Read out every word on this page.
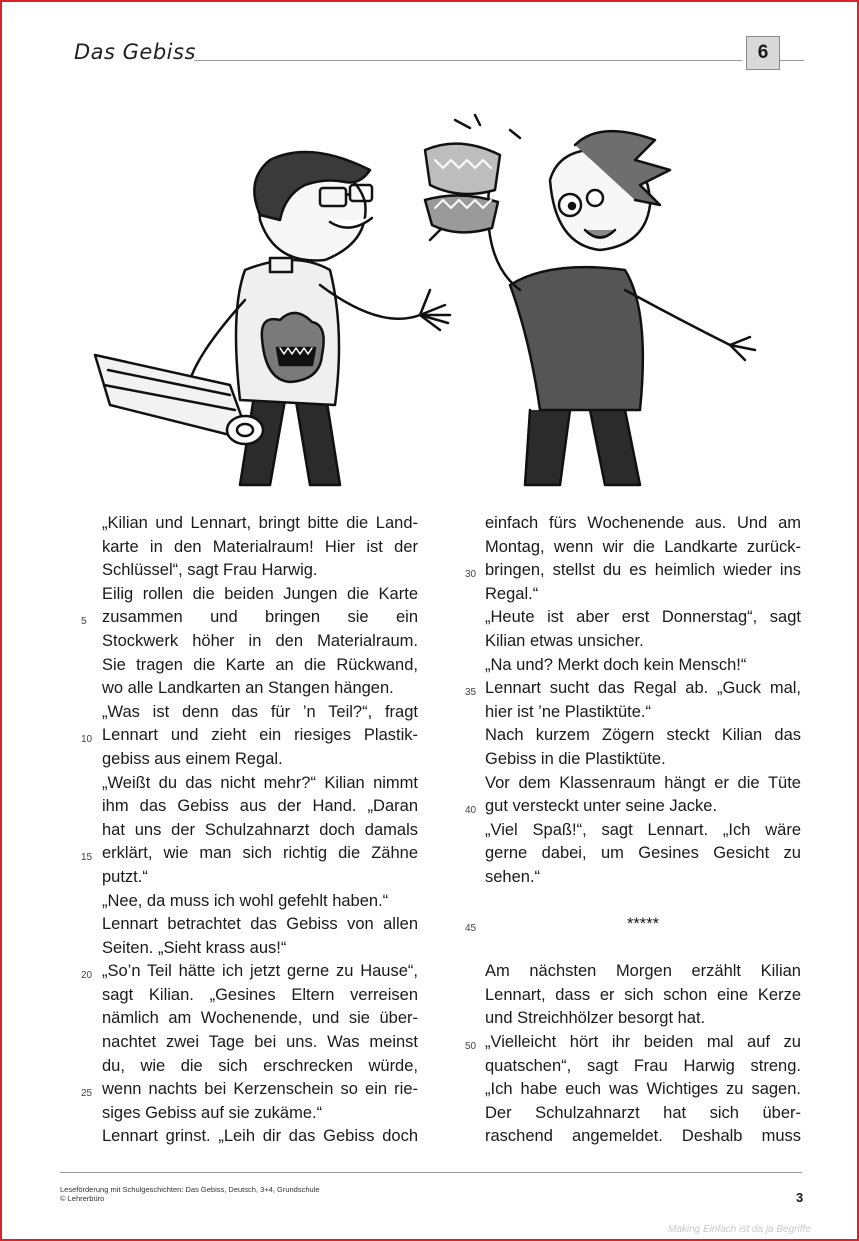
Das Gebiss	6
„Kilian und Lennart, bringt bitte die Land-
karte in den Materialraum! Hier ist der
Schlüssel“, sagt Frau Harwig.
Eilig rollen die beiden Jungen die Karte
5 zusammen und bringen sie ein
Stockwerk höher in den Materialraum.
Sie tragen die Karte an die Rückwand,
wo alle Landkarten an Stangen hängen.
„Was ist denn das für ’n Teil?“, fragt
10 Lennart und zieht ein riesiges Plastik-
gebiss aus einem Regal.
„Weißt du das nicht mehr?“ Kilian nimmt
ihm das Gebiss aus der Hand. „Daran
hat uns der Schulzahnarzt doch damals
15 erklärt, wie man sich richtig die Zähne
putzt.“
„Nee, da muss ich wohl gefehlt haben.“
Lennart betrachtet das Gebiss von allen
Seiten. „Sieht krass aus!“
20 „So’n Teil hätte ich jetzt gerne zu Hause“,
sagt Kilian. „Gesines Eltern verreisen
nämlich am Wochenende, und sie über-
nachtet zwei Tage bei uns. Was meinst
du, wie die sich erschrecken würde,
25 wenn nachts bei Kerzenschein so ein rie-
siges Gebiss auf sie zukäme.“
Lennart grinst. „Leih dir das Gebiss doch
einfach fürs Wochenende aus. Und am
Montag, wenn wir die Landkarte zurück-
30 bringen, stellst du es heimlich wieder ins
Regal.“
„Heute ist aber erst Donnerstag“, sagt
Kilian etwas unsicher.
„Na und? Merkt doch kein Mensch!“
35 Lennart sucht das Regal ab. „Guck mal,
hier ist ’ne Plastiktüte.“
Nach kurzem Zögern steckt Kilian das
Gebiss in die Plastiktüte.
Vor dem Klassenraum hängt er die Tüte
40 gut versteckt unter seine Jacke.
„Viel Spaß!“, sagt Lennart. „Ich wäre
gerne dabei, um Gesines Gesicht zu
sehen.“
45	*****
Am nächsten Morgen erzählt Kilian
Lennart, dass er sich schon eine Kerze
und Streichhölzer besorgt hat.
50 „Vielleicht hört ihr beiden mal auf zu
quatschen“, sagt Frau Harwig streng.
„Ich habe euch was Wichtiges zu sagen.
Der Schulzahnarzt hat sich über-
raschend angemeldet. Deshalb muss
Leseförderung mit Schulgeschichten: Das Gebiss, Deutsch, 3+4, Grundschule
© Lehrerbüro	3
Making Einfach ist da ja Begriffe
